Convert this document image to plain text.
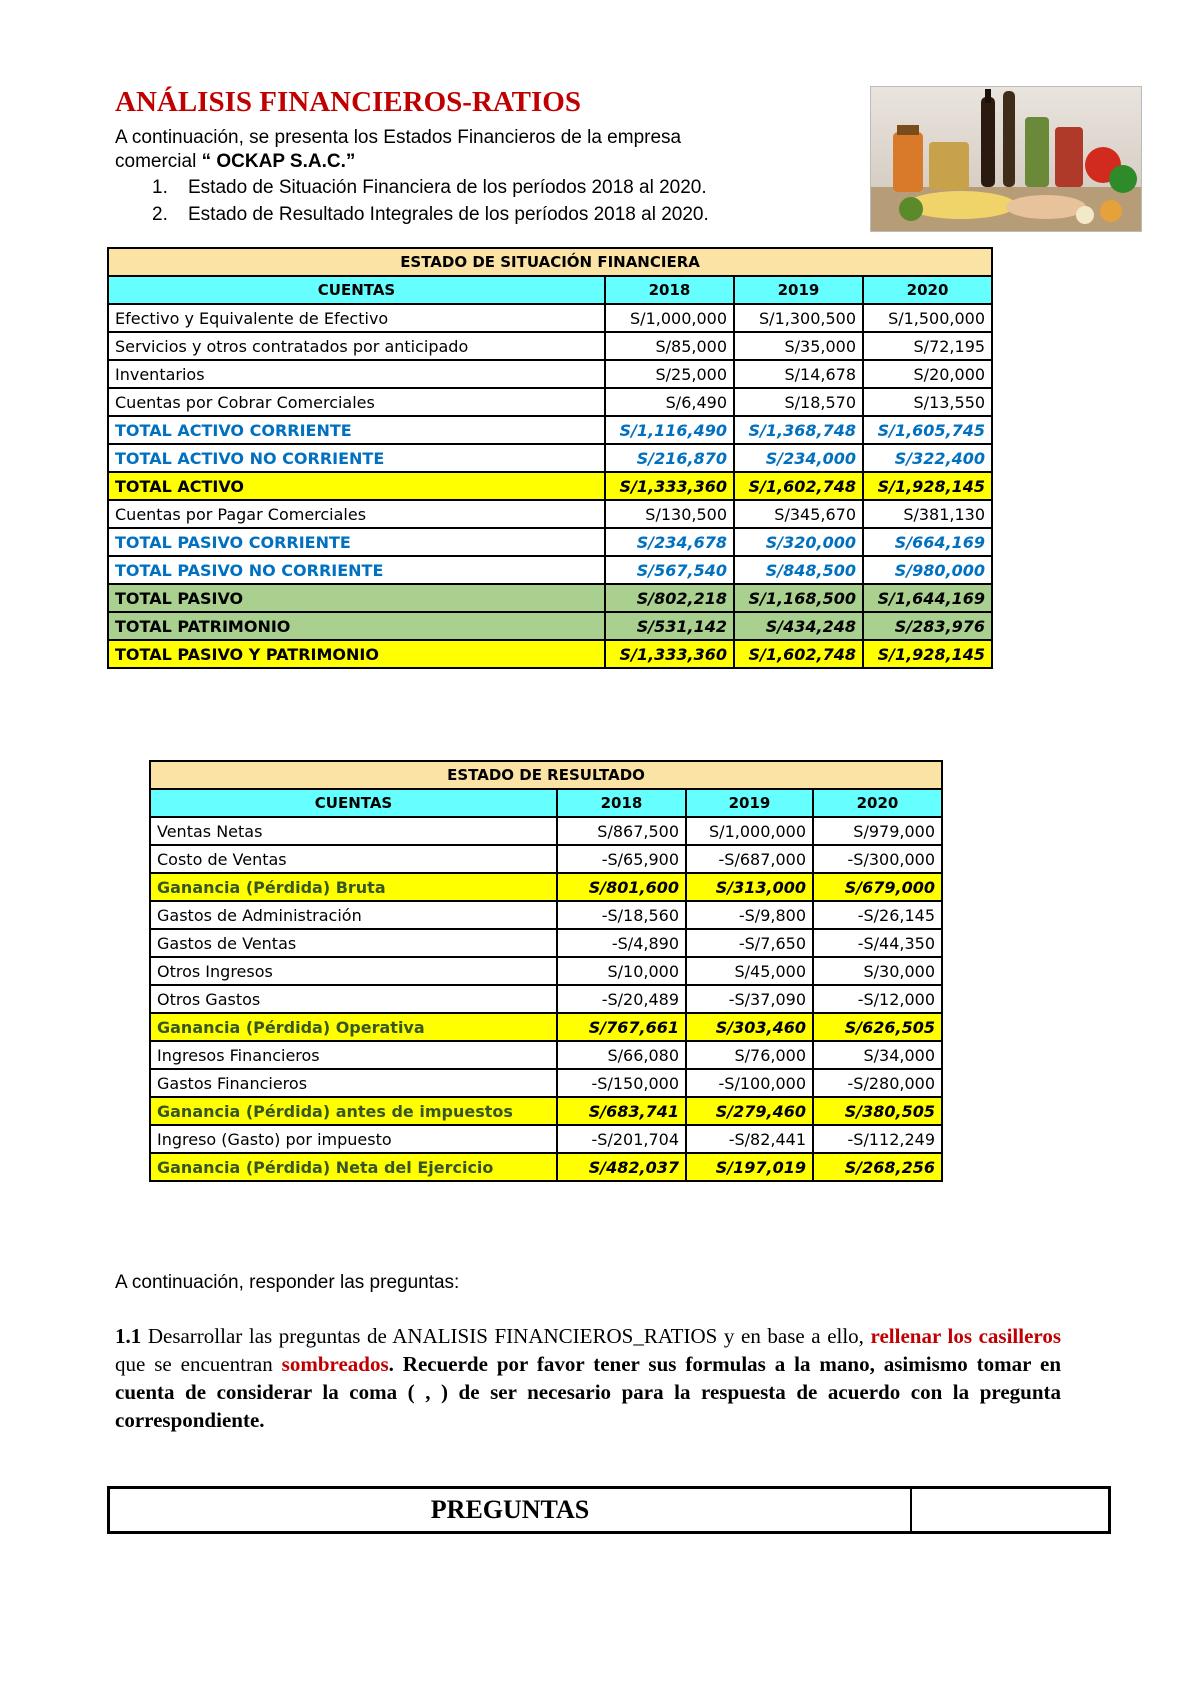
ANÁLISIS FINANCIEROS-RATIOS
A continuación, se presenta los Estados Financieros de la empresa
comercial “ OCKAP S.A.C.”
1. Estado de Situación Financiera de los períodos 2018 al 2020.
2. Estado de Resultado Integrales de los períodos 2018 al 2020.
ESTADO DE SITUACIÓN FINANCIERA			
CUENTAS	2018	2019	2020
Efectivo y Equivalente de Efectivo	S/1,000,000	S/1,300,500	S/1,500,000
Servicios y otros contratados por anticipado	S/85,000	S/35,000	S/72,195
Inventarios	S/25,000	S/14,678	S/20,000
Cuentas por Cobrar Comerciales	S/6,490	S/18,570	S/13,550
TOTAL ACTIVO CORRIENTE	S/1,116,490	S/1,368,748	S/1,605,745
TOTAL ACTIVO NO CORRIENTE	S/216,870	S/234,000	S/322,400
TOTAL ACTIVO	S/1,333,360	S/1,602,748	S/1,928,145
Cuentas por Pagar Comerciales	S/130,500	S/345,670	S/381,130
TOTAL PASIVO CORRIENTE	S/234,678	S/320,000	S/664,169
TOTAL PASIVO NO CORRIENTE	S/567,540	S/848,500	S/980,000
TOTAL PASIVO	S/802,218	S/1,168,500	S/1,644,169
TOTAL PATRIMONIO	S/531,142	S/434,248	S/283,976
TOTAL PASIVO Y PATRIMONIO	S/1,333,360	S/1,602,748	S/1,928,145
ESTADO DE RESULTADO			
CUENTAS	2018	2019	2020
Ventas Netas	S/867,500	S/1,000,000	S/979,000
Costo de Ventas	-S/65,900	-S/687,000	-S/300,000
Ganancia (Pérdida) Bruta	S/801,600	S/313,000	S/679,000
Gastos de Administración	-S/18,560	-S/9,800	-S/26,145
Gastos de Ventas	-S/4,890	-S/7,650	-S/44,350
Otros Ingresos	S/10,000	S/45,000	S/30,000
Otros Gastos	-S/20,489	-S/37,090	-S/12,000
Ganancia (Pérdida) Operativa	S/767,661	S/303,460	S/626,505
Ingresos Financieros	S/66,080	S/76,000	S/34,000
Gastos Financieros	-S/150,000	-S/100,000	-S/280,000
Ganancia (Pérdida) antes de impuestos	S/683,741	S/279,460	S/380,505
Ingreso (Gasto) por impuesto	-S/201,704	-S/82,441	-S/112,249
Ganancia (Pérdida) Neta del Ejercicio	S/482,037	S/197,019	S/268,256
A continuación, responder las preguntas:
1.1 Desarrollar las preguntas de ANALISIS FINANCIEROS_RATIOS y en base a ello, rellenar los casilleros que se encuentran sombreados. Recuerde por favor tener sus formulas a la mano, asimismo tomar en cuenta de considerar la coma ( , ) de ser necesario para la respuesta de acuerdo con la pregunta correspondiente.
PREGUNTAS
